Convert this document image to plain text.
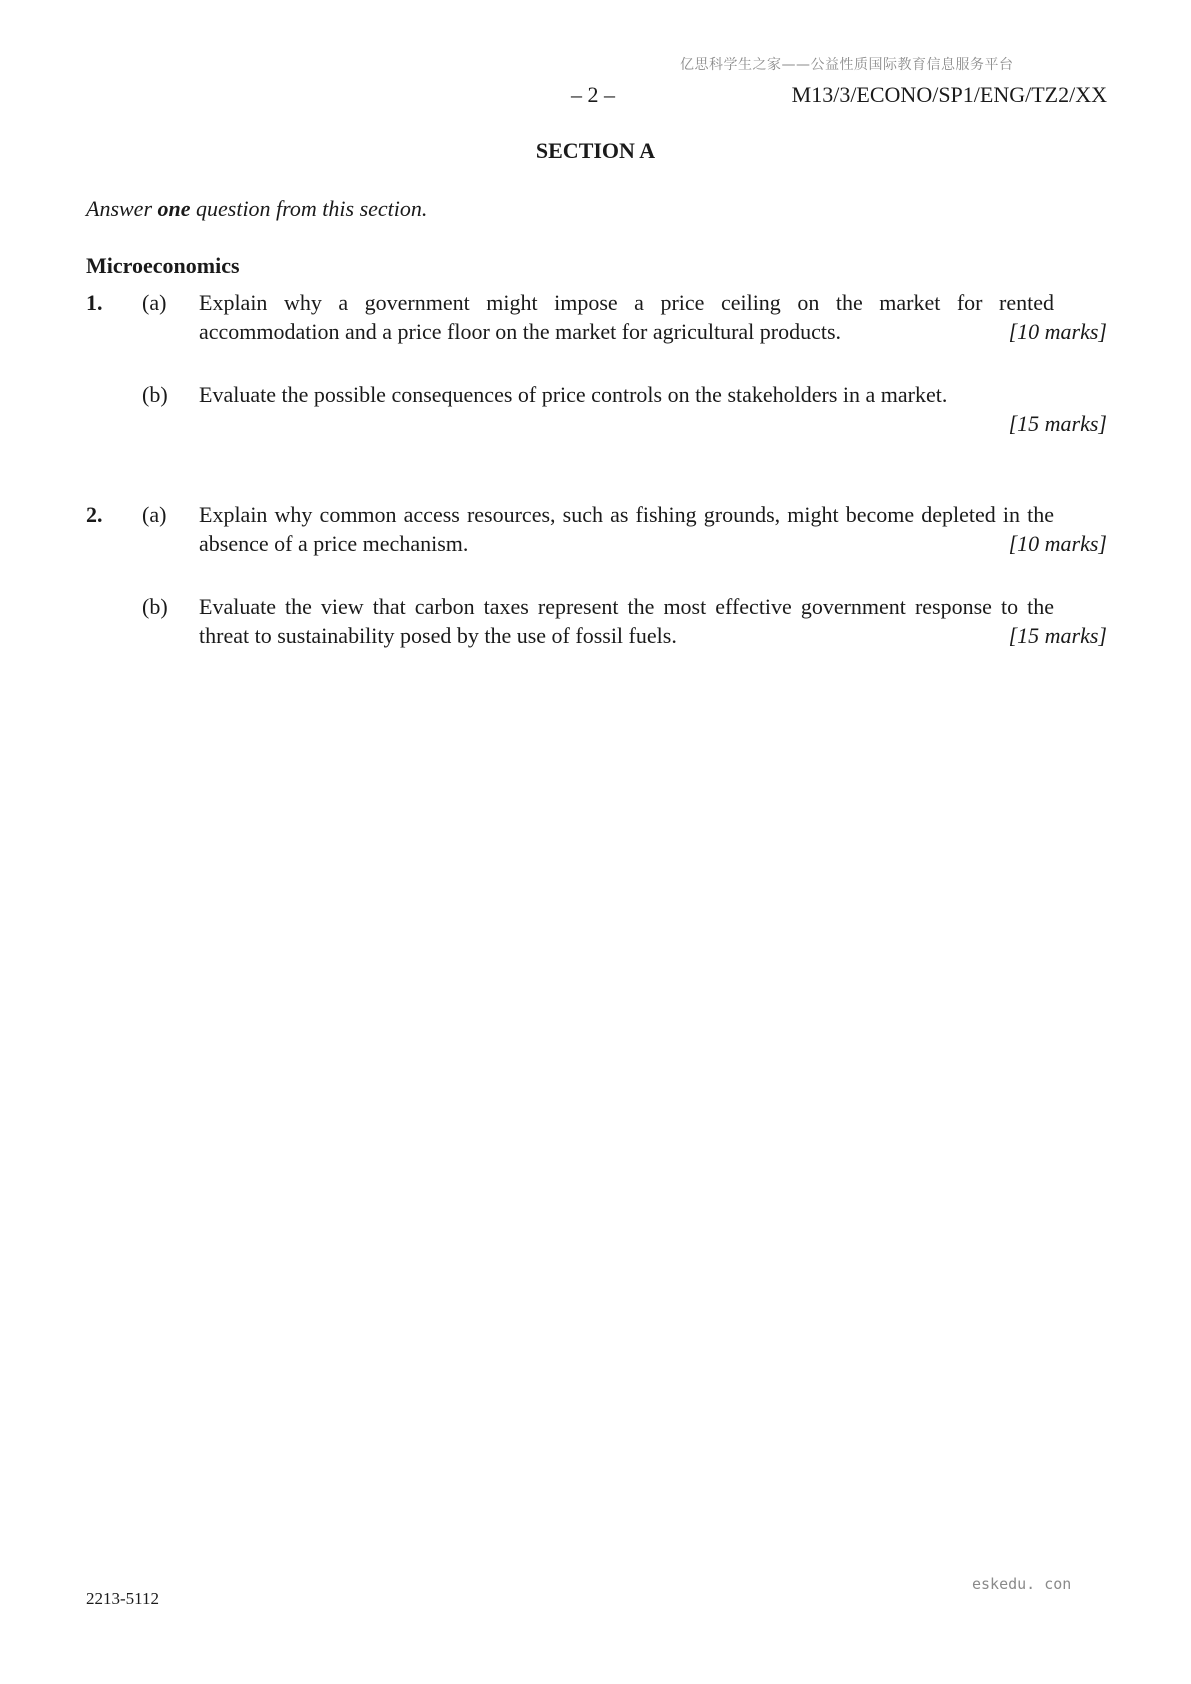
亿思科学生之家——公益性质国际教育信息服务平台
– 2 –	M13/3/ECONO/SP1/ENG/TZ2/XX
SECTION A
Answer one question from this section.
Microeconomics
1. (a) Explain why a government might impose a price ceiling on the market for rented accommodation and a price floor on the market for agricultural products.	[10 marks]
(b) Evaluate the possible consequences of price controls on the stakeholders in a market.
[15 marks]
2. (a) Explain why common access resources, such as fishing grounds, might become depleted in the absence of a price mechanism.	[10 marks]
(b) Evaluate the view that carbon taxes represent the most effective government response to the threat to sustainability posed by the use of fossil fuels.	[15 marks]
2213-5112
eskedu. con
